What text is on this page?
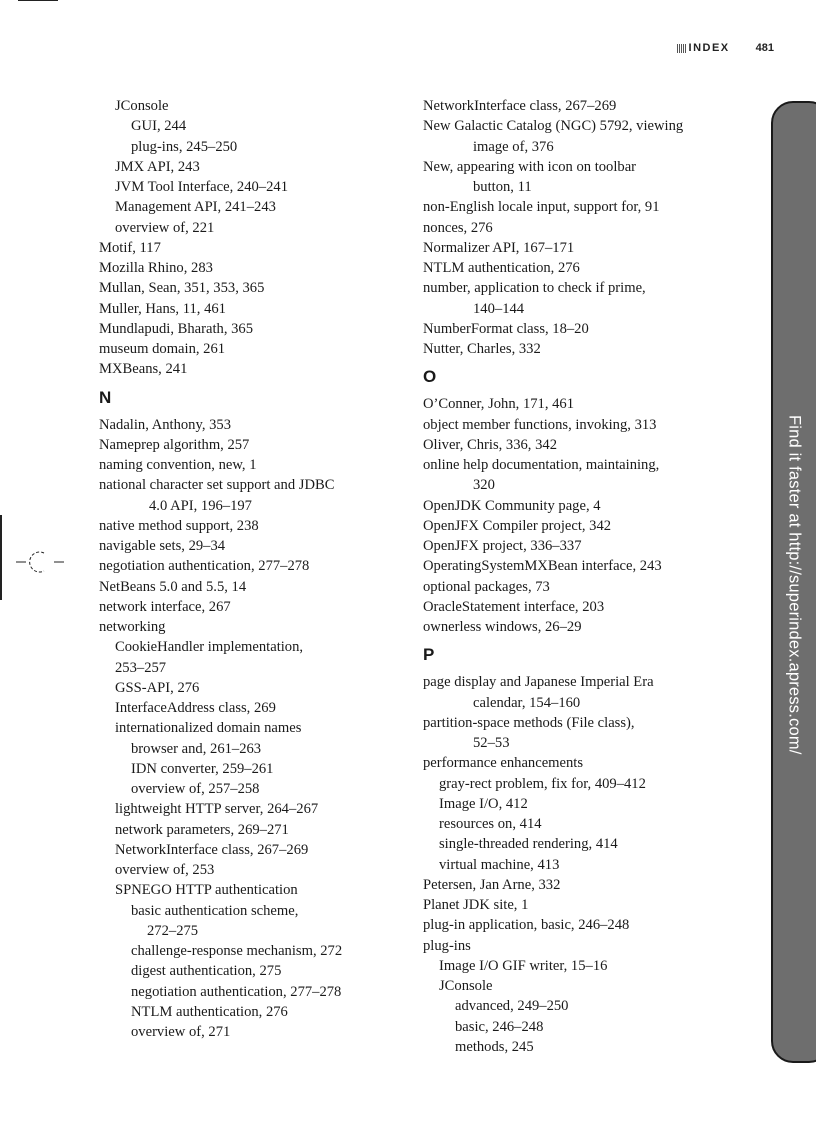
INDEX 481
JConsole
GUI, 244
plug-ins, 245–250
JMX API, 243
JVM Tool Interface, 240–241
Management API, 241–243
overview of, 221
Motif, 117
Mozilla Rhino, 283
Mullan, Sean, 351, 353, 365
Muller, Hans, 11, 461
Mundlapudi, Bharath, 365
museum domain, 261
MXBeans, 241
N
Nadalin, Anthony, 353
Nameprep algorithm, 257
naming convention, new, 1
national character set support and JDBC
4.0 API, 196–197
native method support, 238
navigable sets, 29–34
negotiation authentication, 277–278
NetBeans 5.0 and 5.5, 14
network interface, 267
networking
CookieHandler implementation,
253–257
GSS-API, 276
InterfaceAddress class, 269
internationalized domain names
browser and, 261–263
IDN converter, 259–261
overview of, 257–258
lightweight HTTP server, 264–267
network parameters, 269–271
NetworkInterface class, 267–269
overview of, 253
SPNEGO HTTP authentication
basic authentication scheme,
272–275
challenge-response mechanism, 272
digest authentication, 275
negotiation authentication, 277–278
NTLM authentication, 276
overview of, 271
NetworkInterface class, 267–269
New Galactic Catalog (NGC) 5792, viewing
image of, 376
New, appearing with icon on toolbar
button, 11
non-English locale input, support for, 91
nonces, 276
Normalizer API, 167–171
NTLM authentication, 276
number, application to check if prime,
140–144
NumberFormat class, 18–20
Nutter, Charles, 332
O
O’Conner, John, 171, 461
object member functions, invoking, 313
Oliver, Chris, 336, 342
online help documentation, maintaining,
320
OpenJDK Community page, 4
OpenJFX Compiler project, 342
OpenJFX project, 336–337
OperatingSystemMXBean interface, 243
optional packages, 73
OracleStatement interface, 203
ownerless windows, 26–29
P
page display and Japanese Imperial Era
calendar, 154–160
partition-space methods (File class),
52–53
performance enhancements
gray-rect problem, fix for, 409–412
Image I/O, 412
resources on, 414
single-threaded rendering, 414
virtual machine, 413
Petersen, Jan Arne, 332
Planet JDK site, 1
plug-in application, basic, 246–248
plug-ins
Image I/O GIF writer, 15–16
JConsole
advanced, 249–250
basic, 246–248
methods, 245
Find it faster at http://superindex.apress.com/
